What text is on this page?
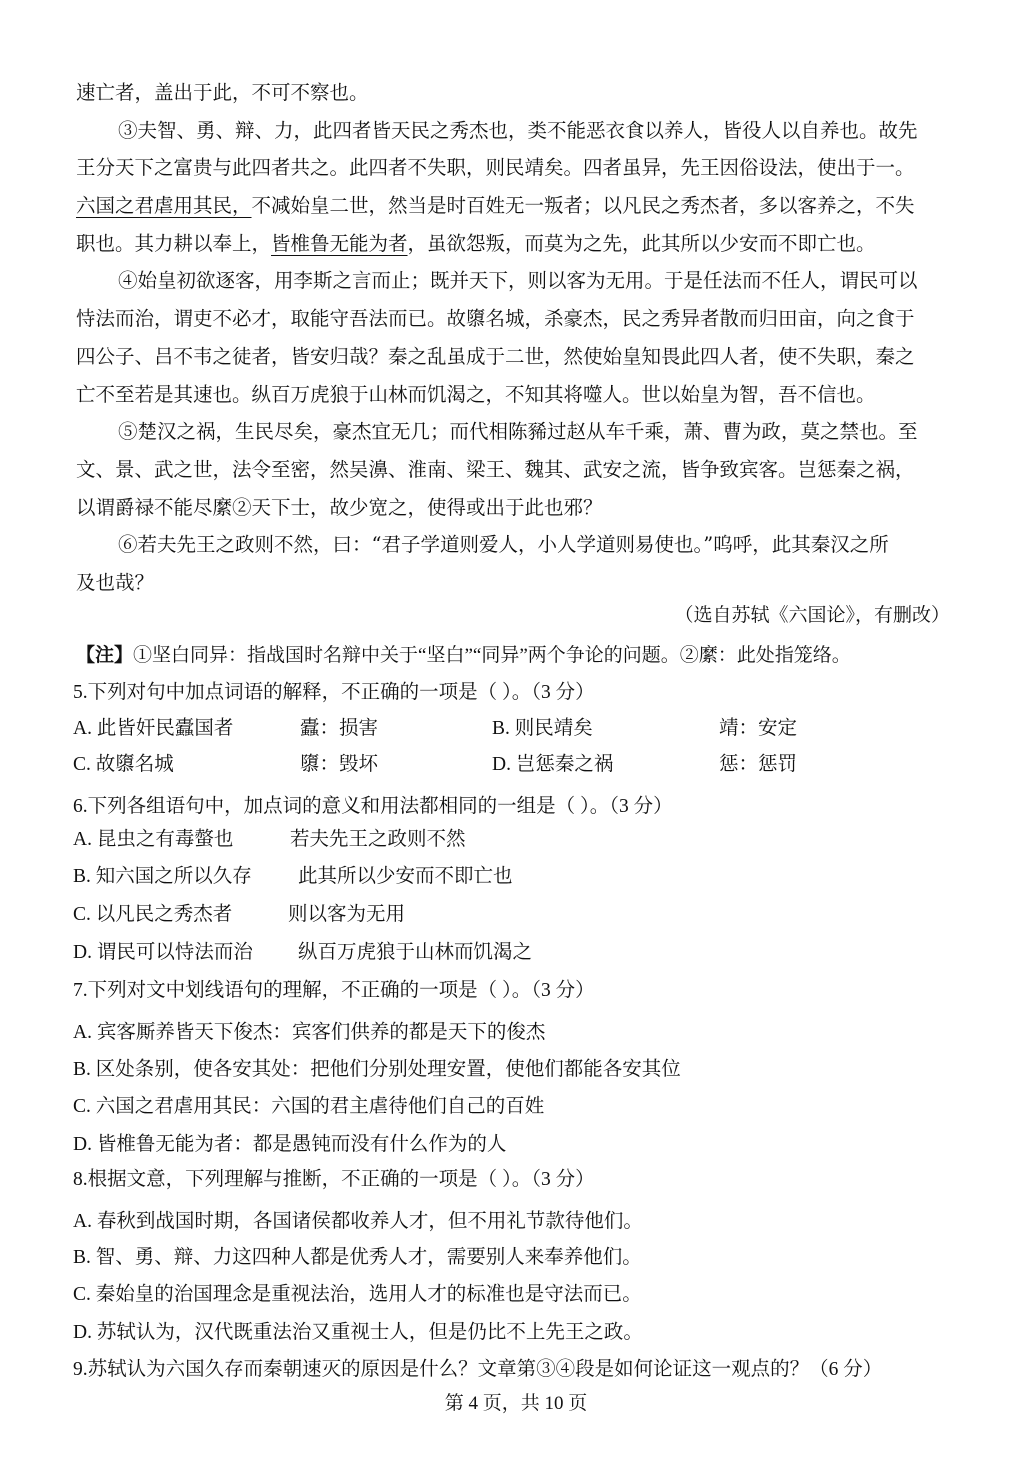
速亡者，盖出于此，不可不察也。
③夫智、勇、辩、力，此四者皆天民之秀杰也，类不能恶衣食以养人，皆役人以自养也。故先
王分天下之富贵与此四者共之。此四者不失职，则民靖矣。四者虽异，先王因俗设法，使出于一。
六国之君虐用其民，不减始皇二世，然当是时百姓无一叛者；以凡民之秀杰者，多以客养之，不失
职也。其力耕以奉上，皆椎鲁无能为者，虽欲怨叛，而莫为之先，此其所以少安而不即亡也。
④始皇初欲逐客，用李斯之言而止；既并天下，则以客为无用。于是任法而不任人，谓民可以
恃法而治，谓吏不必才，取能守吾法而已。故隳名城，杀豪杰，民之秀异者散而归田亩，向之食于
四公子、吕不韦之徒者，皆安归哉？秦之乱虽成于二世，然使始皇知畏此四人者，使不失职，秦之
亡不至若是其速也。纵百万虎狼于山林而饥渴之，不知其将噬人。世以始皇为智，吾不信也。
⑤楚汉之祸，生民尽矣，豪杰宜无几；而代相陈豨过赵从车千乘，萧、曹为政，莫之禁也。至
文、景、武之世，法令至密，然吴濞、淮南、梁王、魏其、武安之流，皆争致宾客。岂惩秦之祸，
以谓爵禄不能尽縻②天下士，故少宽之，使得或出于此也邪？
⑥若夫先王之政则不然，曰：“君子学道则爱人，小人学道则易使也。”呜呼，此其秦汉之所
及也哉？
（选自苏轼《六国论》，有删改）
【注】①坚白同异：指战国时名辩中关于“坚白”“同异”两个争论的问题。②縻：此处指笼络。
5.下列对句中加点词语的解释，不正确的一项是（ ）。（3 分）
A. 此皆奸民蠹国者	蠹：损害	B. 则民靖矣	靖：安定
C. 故隳名城	隳：毁坏	D. 岂惩秦之祸	惩：惩罚
6.下列各组语句中，加点词的意义和用法都相同的一组是（ ）。（3 分）
A. 昆虫之有毒螫也	若夫先王之政则不然
B. 知六国之所以久存 此其所以少安而不即亡也
C. 以凡民之秀杰者	则以客为无用
D. 谓民可以恃法而治 纵百万虎狼于山林而饥渴之
7.下列对文中划线语句的理解，不正确的一项是（ ）。（3 分）
A. 宾客厮养皆天下俊杰：宾客们供养的都是天下的俊杰
B. 区处条别，使各安其处：把他们分别处理安置，使他们都能各安其位
C. 六国之君虐用其民：六国的君主虐待他们自己的百姓
D. 皆椎鲁无能为者：都是愚钝而没有什么作为的人
8.根据文意，下列理解与推断，不正确的一项是（ ）。（3 分）
A. 春秋到战国时期，各国诸侯都收养人才，但不用礼节款待他们。
B. 智、勇、辩、力这四种人都是优秀人才，需要别人来奉养他们。
C. 秦始皇的治国理念是重视法治，选用人才的标准也是守法而已。
D. 苏轼认为，汉代既重法治又重视士人，但是仍比不上先王之政。
9.苏轼认为六国久存而秦朝速灭的原因是什么？文章第③④段是如何论证这一观点的？（6 分）
第 4 页，共 10 页
